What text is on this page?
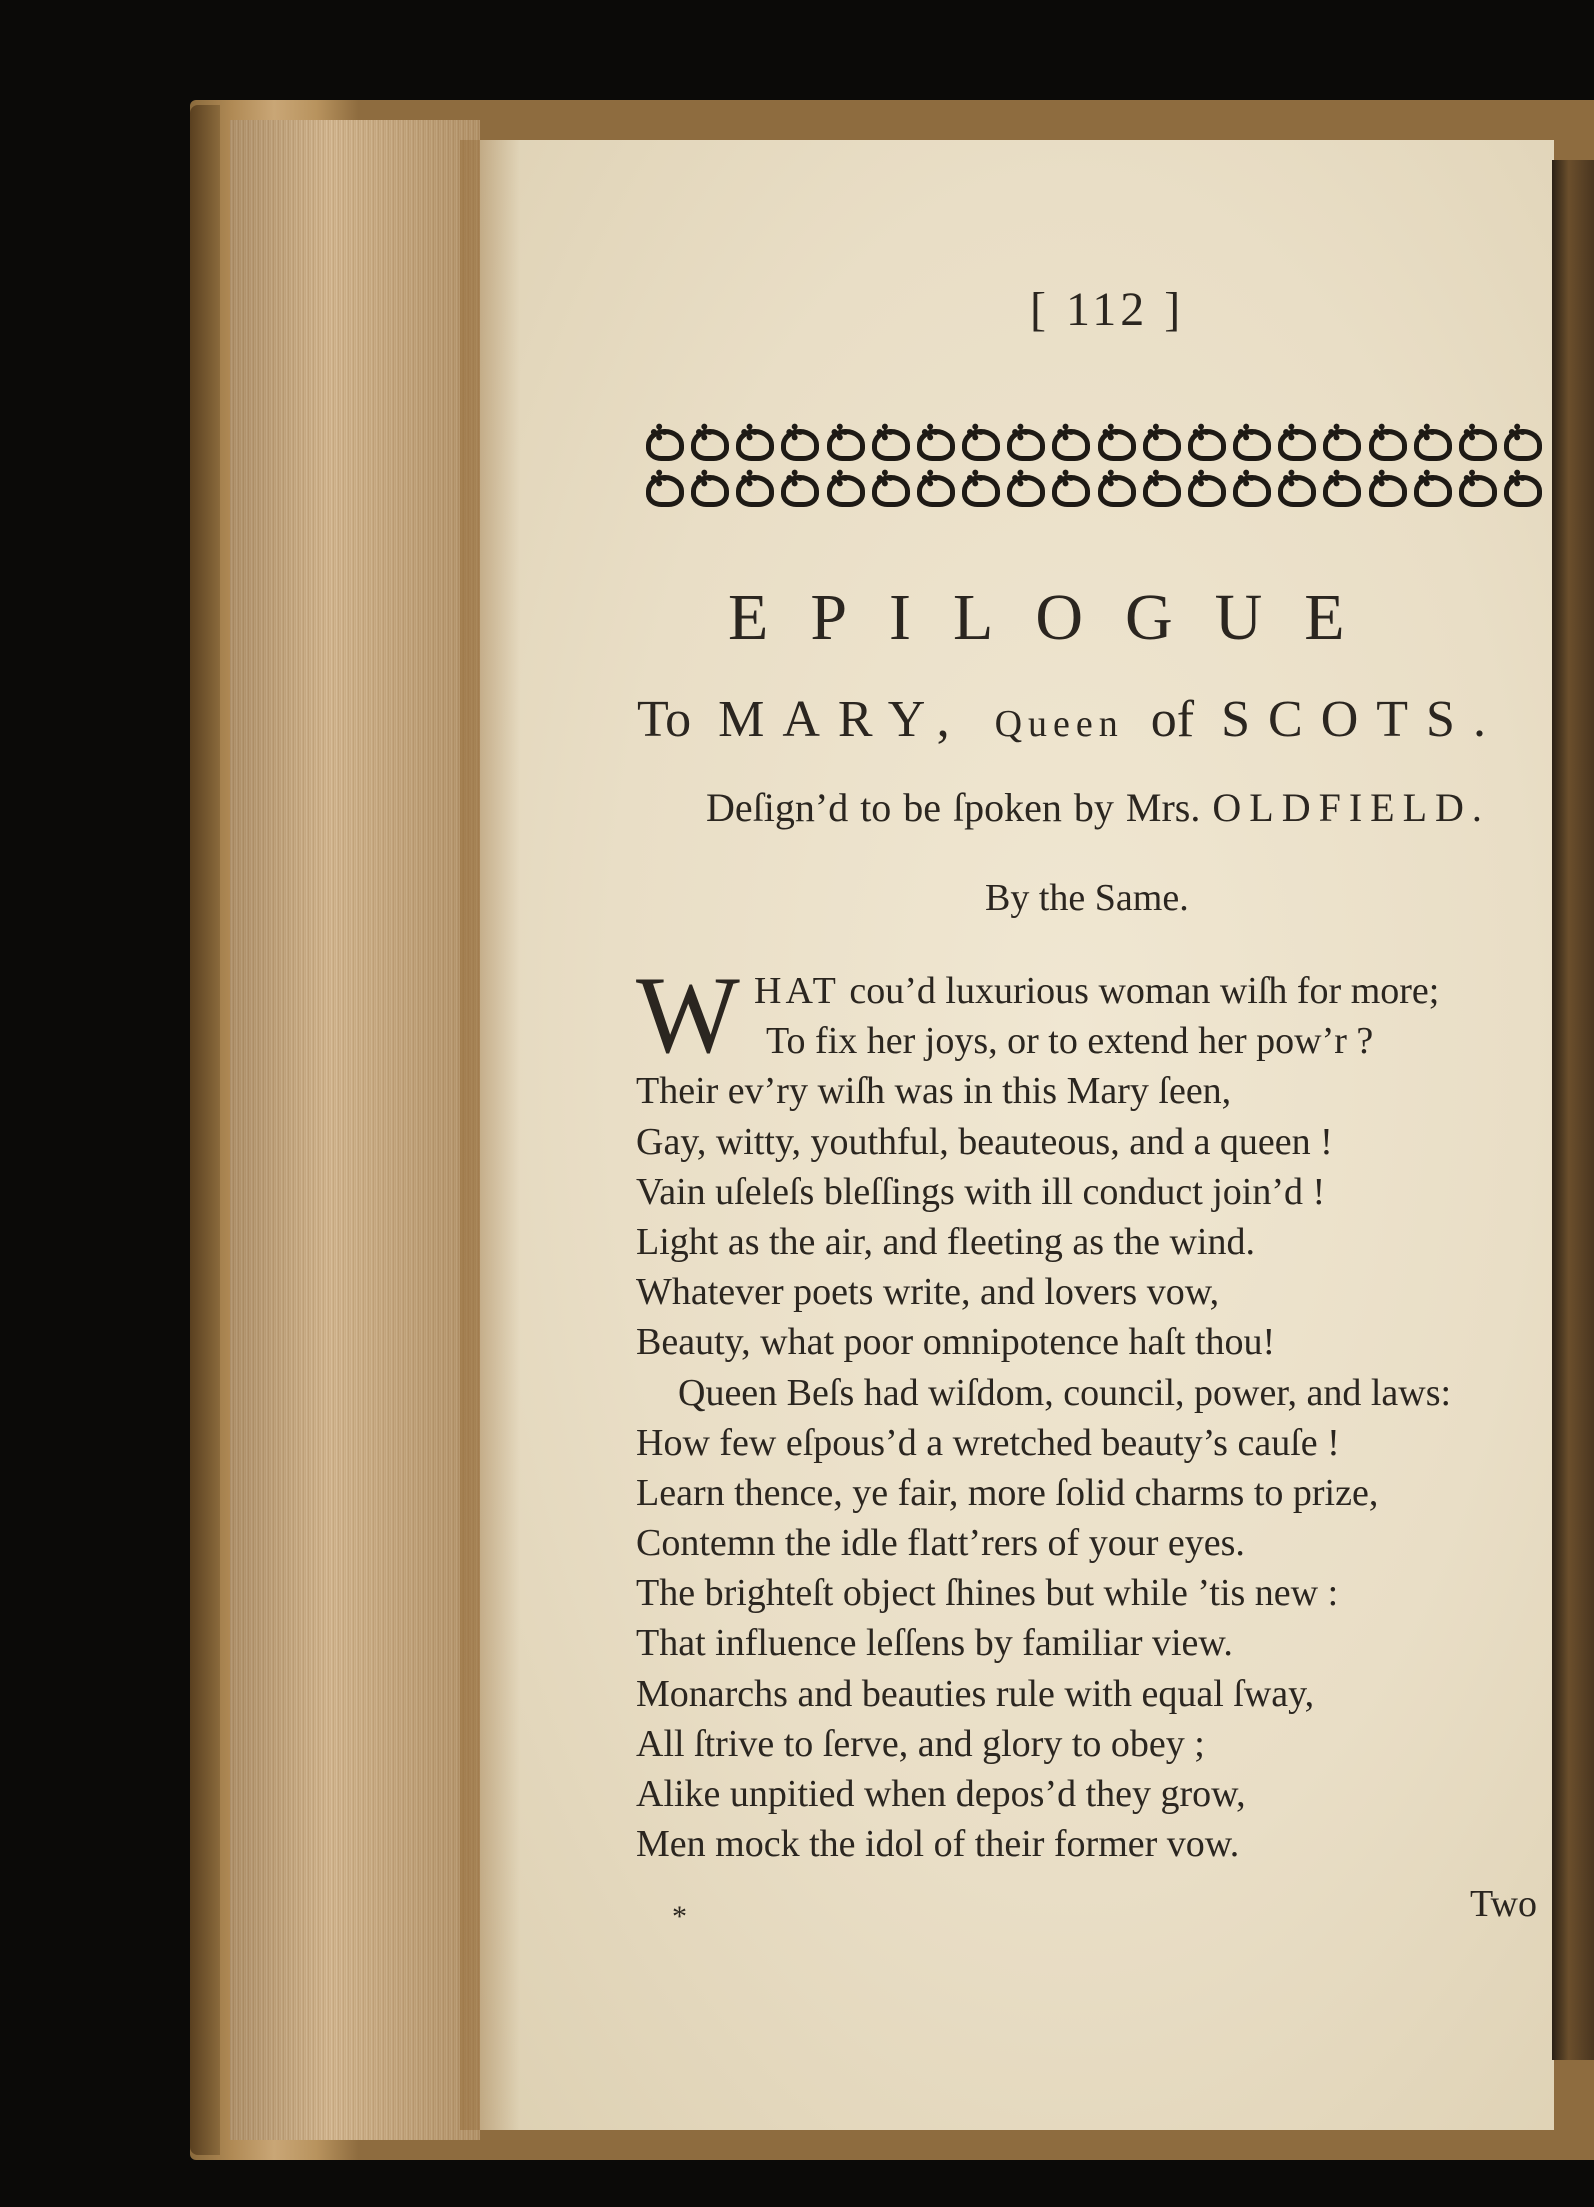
[ 112 ]
✤
✤
✤
✤
✤
✤
✤
✤
✤
✤
✤
✤
✤
✤
✤
✤
✤
✤
✤
✤
✤
✤
✤
✤
✤
✤
✤
✤
✤
✤
✤
✤
✤
✤
✤
✤
✤
✤
✤
✤
EPILOGUE
To MARY, Queen of SCOTS.
Deſign’d to be ſpoken by Mrs. OLDFIELD.
By the Same.
W HAT cou’d luxurious woman wiſh for more;
To fix her joys, or to extend her pow’r ?
Their ev’ry wiſh was in this Mary ſeen,
Gay, witty, youthful, beauteous, and a queen !
Vain uſeleſs bleſſings with ill conduct join’d !
Light as the air, and fleeting as the wind.
Whatever poets write, and lovers vow,
Beauty, what poor omnipotence haſt thou!
Queen Beſs had wiſdom, council, power, and laws:
How few eſpous’d a wretched beauty’s cauſe !
Learn thence, ye fair, more ſolid charms to prize,
Contemn the idle flatt’rers of your eyes.
The brighteſt object ſhines but while ’tis new :
That influence leſſens by familiar view.
Monarchs and beauties rule with equal ſway,
All ſtrive to ſerve, and glory to obey ;
Alike unpitied when depos’d they grow,
Men mock the idol of their former vow.
*	Two
